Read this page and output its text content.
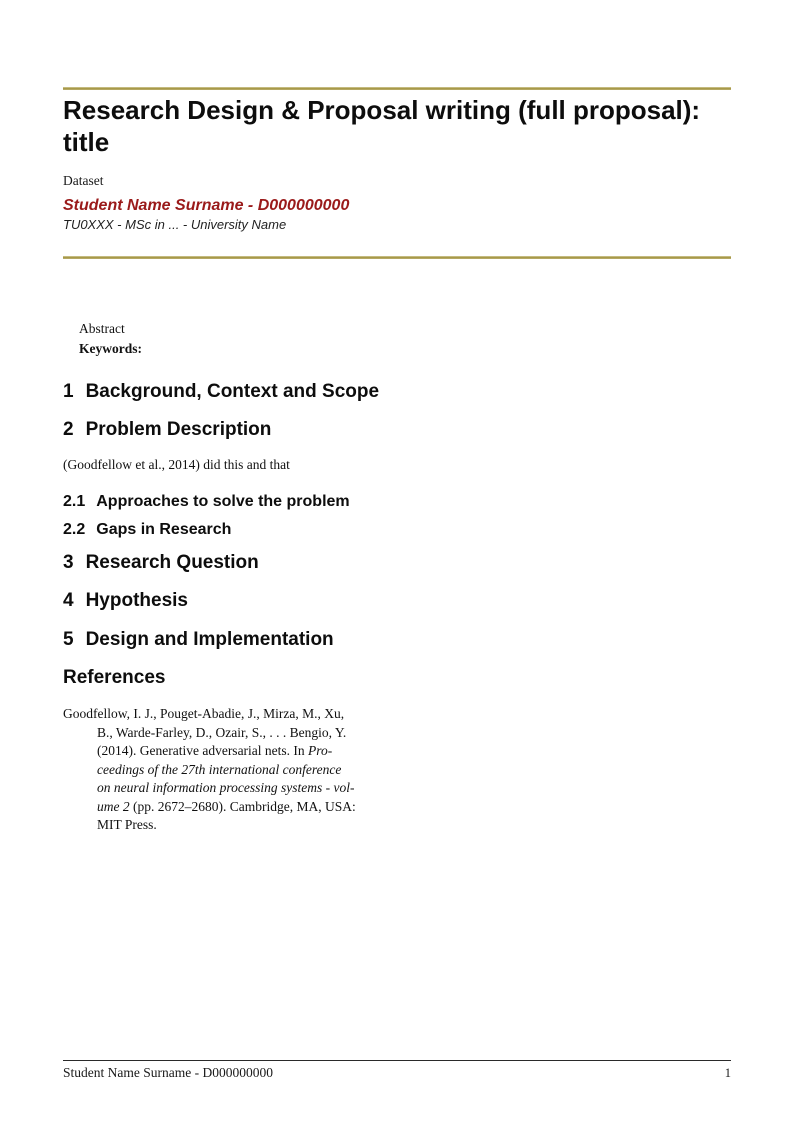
Research Design & Proposal writing (full proposal): title
Dataset
Student Name Surname - D000000000
TU0XXX - MSc in ... - University Name
Abstract
Keywords:
1 Background, Context and Scope
2 Problem Description

(Goodfellow et al., 2014) did this and that

2.1 Approaches to solve the problem
2.2 Gaps in Research
3 Research Question
4 Hypothesis
5 Design and Implementation
References
Goodfellow, I. J., Pouget-Abadie, J., Mirza, M., Xu,
B., Warde-Farley, D., Ozair, S., . . . Bengio, Y.
(2014). Generative adversarial nets. In Pro-
ceedings of the 27th international conference
on neural information processing systems - vol-
ume 2 (pp. 2672–2680). Cambridge, MA, USA:
MIT Press.
Student Name Surname - D000000000	1
